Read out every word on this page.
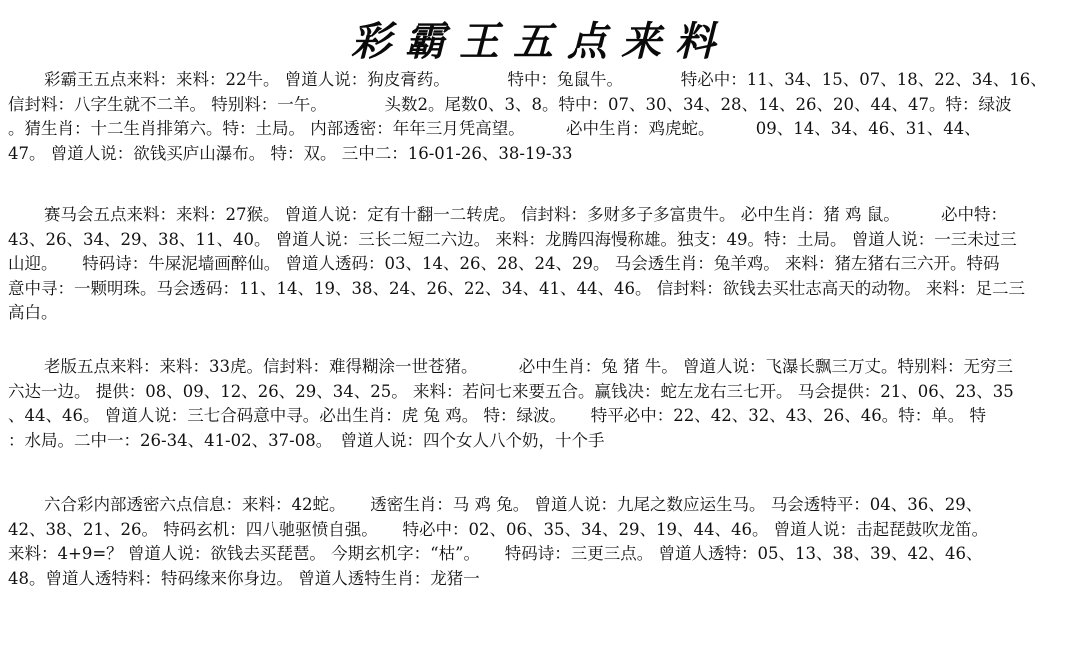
彩霸王五点来料
彩霸王五点来料：来料：22牛。 曾道人说：狗皮膏药。　　　　特中：兔鼠牛。　　　　特必中：11、34、15、07、18、22、34、16、
信封料：八字生就不二羊。 特别料：一午。　　　　头数2。尾数0、3、8。特中：07、30、34、28、14、26、20、44、47。特：绿波
。猜生肖：十二生肖排第六。特：土局。 内部透密：年年三月凭高望。　　　必中生肖：鸡虎蛇。　　　09、14、34、46、31、44、
47。 曾道人说：欲钱买庐山瀑布。 特：双。 三中二：16-01-26、38-19-33
赛马会五点来料：来料：27猴。 曾道人说：定有十翻一二转虎。 信封料：多财多子多富贵牛。 必中生肖：猪 鸡 鼠。　　　必中特：
43、26、34、29、38、11、40。 曾道人说：三长二短二六边。 来料：龙腾四海慢称雄。独支：49。特：土局。 曾道人说：一三未过三
山迎。　　特码诗：牛屎泥墙画醉仙。 曾道人透码：03、14、26、28、24、29。 马会透生肖：兔羊鸡。 来料：猪左猪右三六开。特码
意中寻：一颗明珠。马会透码：11、14、19、38、24、26、22、34、41、44、46。 信封料：欲钱去买壮志高天的动物。 来料：足二三
高白。
老版五点来料：来料：33虎。信封料：难得糊涂一世苍猪。　　　必中生肖：兔 猪 牛。 曾道人说：飞瀑长飘三万丈。特别料：无穷三
六达一边。 提供：08、09、12、26、29、34、25。 来料：若问七来要五合。赢钱决：蛇左龙右三七开。 马会提供：21、06、23、35
、44、46。 曾道人说：三七合码意中寻。必出生肖：虎 兔 鸡。 特：绿波。　　特平必中：22、42、32、43、26、46。特：单。 特
：水局。二中一：26-34、41-02、37-08。　曾道人说：四个女人八个奶，十个手
六合彩内部透密六点信息：来料：42蛇。　　透密生肖：马 鸡 兔。 曾道人说：九尾之数应运生马。 马会透特平：04、36、29、
42、38、21、26。 特码玄机：四八驰驱愤自强。　　特必中：02、06、35、34、29、19、44、46。 曾道人说：击起琵鼓吹龙笛。
来料：4+9=？ 曾道人说：欲钱去买琵琶。 今期玄机字：“枯”。　　特码诗：三更三点。 曾道人透特：05、13、38、39、42、46、
48。曾道人透特料：特码缘来你身边。 曾道人透特生肖：龙猪一
